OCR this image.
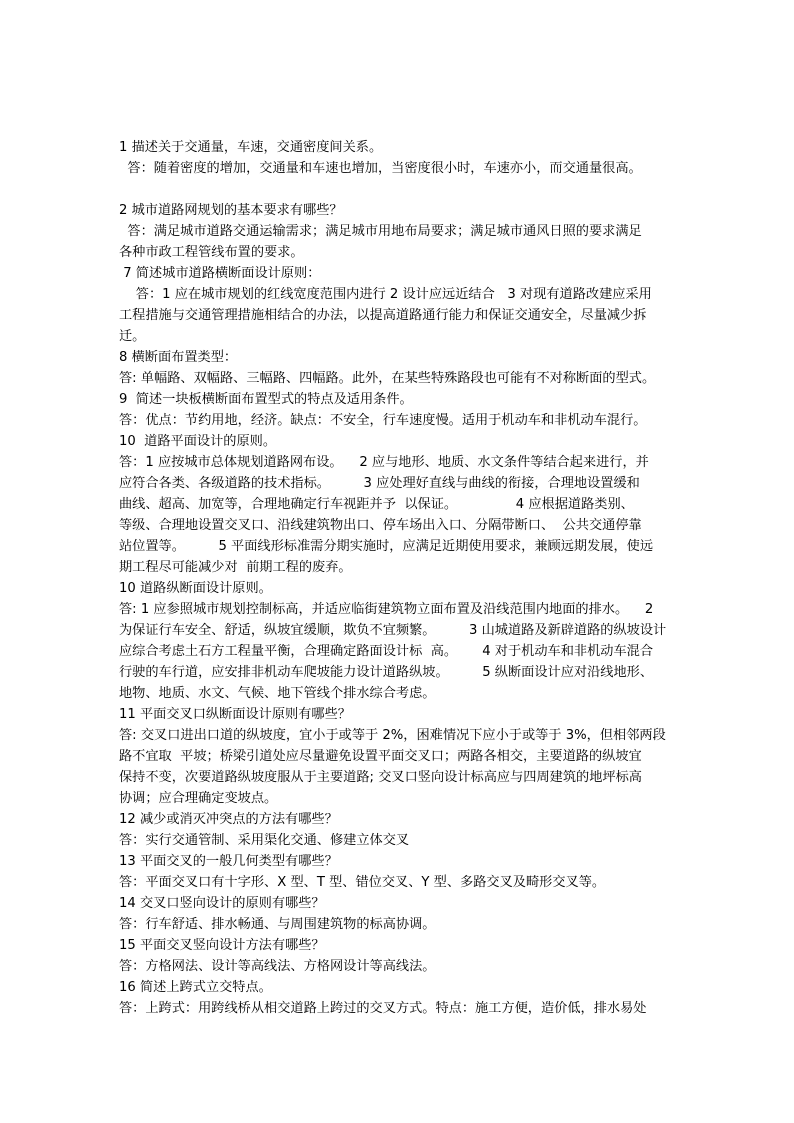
1 描述关于交通量，车速，交通密度间关系。
答：随着密度的增加，交通量和车速也增加，当密度很小时，车速亦小，而交通量很高。
2 城市道路网规划的基本要求有哪些？
答：满足城市道路交通运输需求；满足城市用地布局要求；满足城市通风日照的要求满足
各种市政工程管线布置的要求。
7 简述城市道路横断面设计原则：
答：1 应在城市规划的红线宽度范围内进行 2 设计应远近结合   3 对现有道路改建应采用
工程措施与交通管理措施相结合的办法，以提高道路通行能力和保证交通安全，尽量减少拆
迁。
8 横断面布置类型：
答: 单幅路、双幅路、三幅路、四幅路。此外，在某些特殊路段也可能有不对称断面的型式。
9  简述一块板横断面布置型式的特点及适用条件。
答：优点：节约用地，经济。缺点：不安全，行车速度慢。适用于机动车和非机动车混行。
10  道路平面设计的原则。
答：1 应按城市总体规划道路网布设。    2 应与地形、地质、水文条件等结合起来进行，并
应符合各类、各级道路的技术指标。        3 应处理好直线与曲线的衔接，合理地设置缓和
曲线、超高、加宽等，合理地确定行车视距并予  以保证。              4 应根据道路类别、
等级、合理地设置交叉口、沿线建筑物出口、停车场出入口、分隔带断口、  公共交通停靠
站位置等。        5 平面线形标准需分期实施时，应满足近期使用要求，兼顾远期发展，使远
期工程尽可能减少对  前期工程的废弃。
10 道路纵断面设计原则。
答: 1 应参照城市规划控制标高，并适应临街建筑物立面布置及沿线范围内地面的排水。    2
为保证行车安全、舒适，纵坡宜缓顺，欺负不宜频繁。        3 山城道路及新辟道路的纵坡设计
应综合考虑土石方工程量平衡，合理确定路面设计标  高。      4 对于机动车和非机动车混合
行驶的车行道，应安排非机动车爬坡能力设计道路纵坡。        5 纵断面设计应对沿线地形、
地物、地质、水文、气候、地下管线个排水综合考虑。
11 平面交叉口纵断面设计原则有哪些？
答: 交叉口进出口道的纵坡度，宜小于或等于 2%，困难情况下应小于或等于 3%，但相邻两段
路不宜取  平坡；桥梁引道处应尽量避免设置平面交叉口；两路各相交，主要道路的纵坡宜
保持不变，次要道路纵坡度服从于主要道路; 交叉口竖向设计标高应与四周建筑的地坪标高
协调；应合理确定变坡点。
12 减少或消灭冲突点的方法有哪些？
答：实行交通管制、采用渠化交通、修建立体交叉
13 平面交叉的一般几何类型有哪些？
答：平面交叉口有十字形、X 型、T 型、错位交叉、Y 型、多路交叉及畸形交叉等。
14 交叉口竖向设计的原则有哪些？
答：行车舒适、排水畅通、与周围建筑物的标高协调。
15 平面交叉竖向设计方法有哪些？
答：方格网法、设计等高线法、方格网设计等高线法。
16 简述上跨式立交特点。
答：上跨式：用跨线桥从相交道路上跨过的交叉方式。特点：施工方便，造价低，排水易处
